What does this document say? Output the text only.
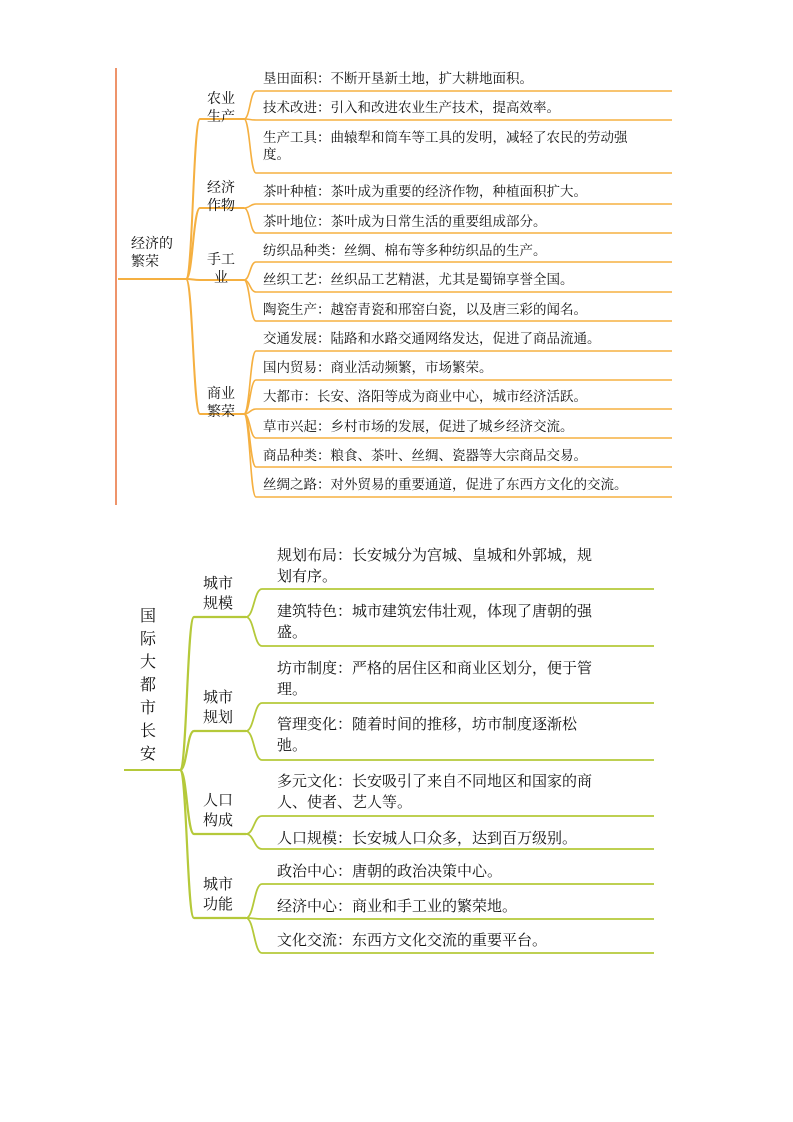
经济的
繁荣
农业
生产
经济
作物
手工
业
商业
繁荣
垦田面积：不断开垦新土地，扩大耕地面积。
技术改进：引入和改进农业生产技术，提高效率。
生产工具：曲辕犁和筒车等工具的发明，减轻了农民的劳动强
度。
茶叶种植：茶叶成为重要的经济作物，种植面积扩大。
茶叶地位：茶叶成为日常生活的重要组成部分。
纺织品种类：丝绸、棉布等多种纺织品的生产。
丝织工艺：丝织品工艺精湛，尤其是蜀锦享誉全国。
陶瓷生产：越窑青瓷和邢窑白瓷，以及唐三彩的闻名。
交通发展：陆路和水路交通网络发达，促进了商品流通。
国内贸易：商业活动频繁，市场繁荣。
大都市：长安、洛阳等成为商业中心，城市经济活跃。
草市兴起：乡村市场的发展，促进了城乡经济交流。
商品种类：粮食、茶叶、丝绸、瓷器等大宗商品交易。
丝绸之路：对外贸易的重要通道，促进了东西方文化的交流。
国
际
大
都
市
长
安
城市
规模
城市
规划
人口
构成
城市
功能
规划布局：长安城分为宫城、皇城和外郭城，规
划有序。
建筑特色：城市建筑宏伟壮观，体现了唐朝的强
盛。
坊市制度：严格的居住区和商业区划分，便于管
理。
管理变化：随着时间的推移，坊市制度逐渐松
弛。
多元文化：长安吸引了来自不同地区和国家的商
人、使者、艺人等。
人口规模：长安城人口众多，达到百万级别。
政治中心：唐朝的政治决策中心。
经济中心：商业和手工业的繁荣地。
文化交流：东西方文化交流的重要平台。
